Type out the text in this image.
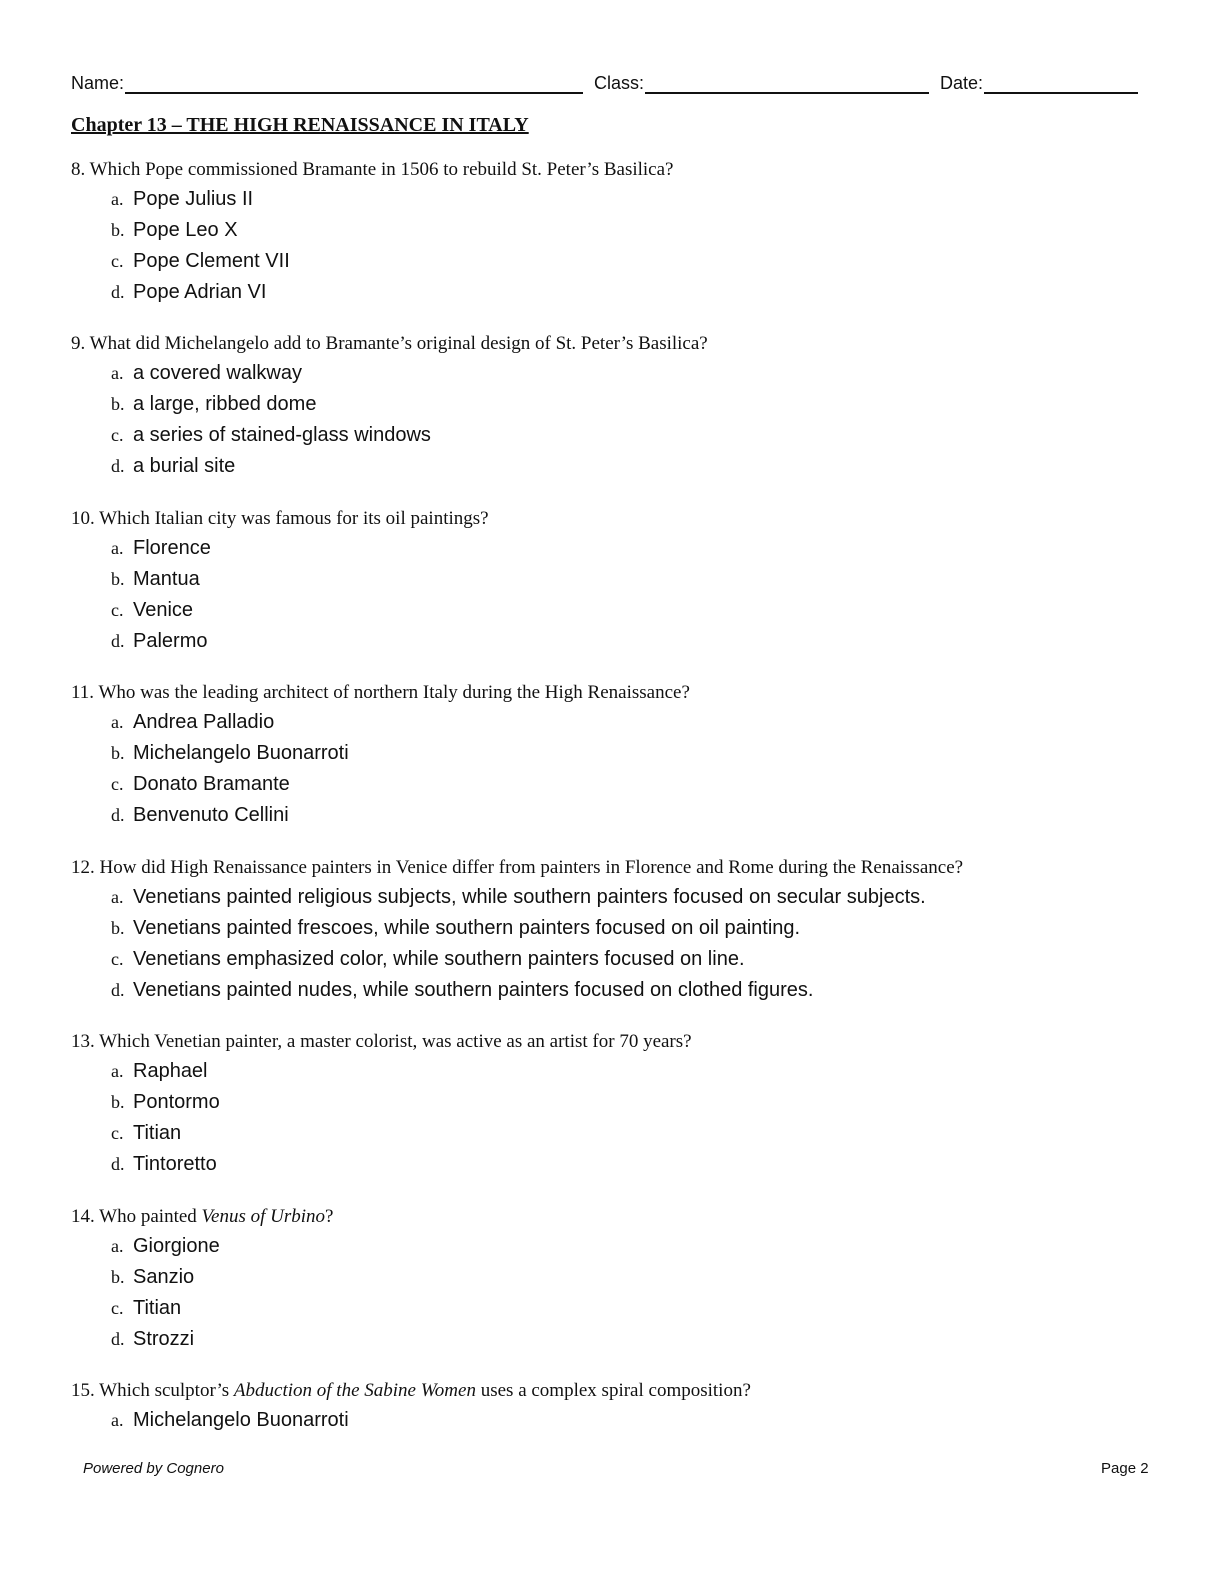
Name:	Class:	Date:
Chapter 13 – THE HIGH RENAISSANCE IN ITALY
8. Which Pope commissioned Bramante in 1506 to rebuild St. Peter’s Basilica?
a. Pope Julius II
b. Pope Leo X
c. Pope Clement VII
d. Pope Adrian VI
9. What did Michelangelo add to Bramante’s original design of St. Peter’s Basilica?
a. a covered walkway
b. a large, ribbed dome
c. a series of stained-glass windows
d. a burial site
10. Which Italian city was famous for its oil paintings?
a. Florence
b. Mantua
c. Venice
d. Palermo
11. Who was the leading architect of northern Italy during the High Renaissance?
a. Andrea Palladio
b. Michelangelo Buonarroti
c. Donato Bramante
d. Benvenuto Cellini
12. How did High Renaissance painters in Venice differ from painters in Florence and Rome during the Renaissance?
a. Venetians painted religious subjects, while southern painters focused on secular subjects.
b. Venetians painted frescoes, while southern painters focused on oil painting.
c. Venetians emphasized color, while southern painters focused on line.
d. Venetians painted nudes, while southern painters focused on clothed figures.
13. Which Venetian painter, a master colorist, was active as an artist for 70 years?
a. Raphael
b. Pontormo
c. Titian
d. Tintoretto
14. Who painted Venus of Urbino?
a. Giorgione
b. Sanzio
c. Titian
d. Strozzi
15. Which sculptor’s Abduction of the Sabine Women uses a complex spiral composition?
a. Michelangelo Buonarroti
Powered by Cognero	Page 2
